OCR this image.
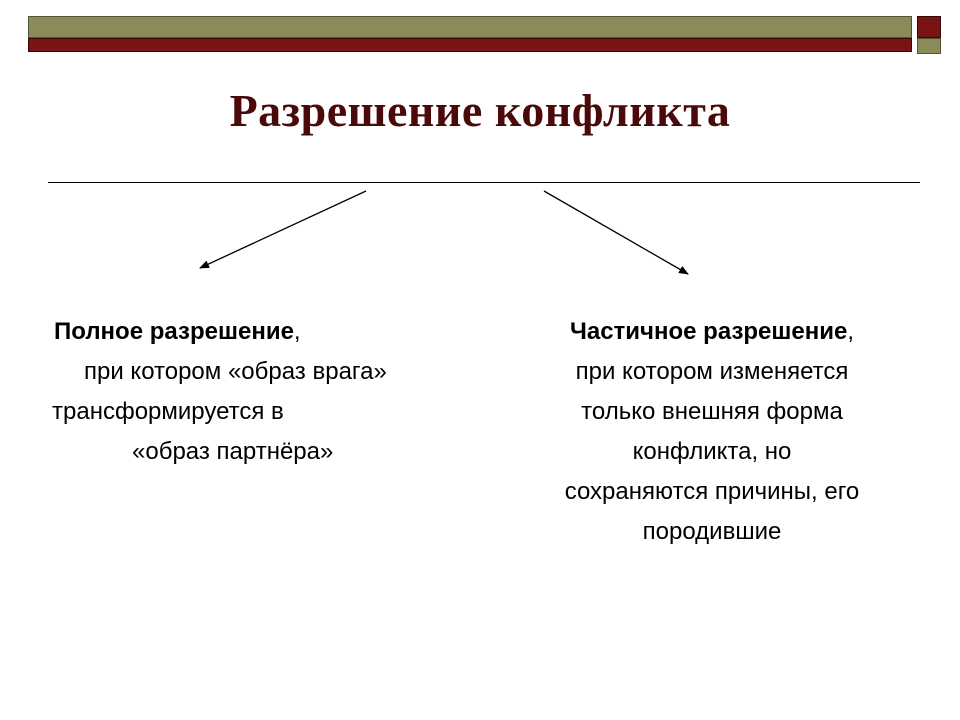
Разрешение конфликта
Полное разрешение,
при котором «образ врага»
трансформируется в
«образ партнёра»
Частичное разрешение,
при котором изменяется
только внешняя форма
конфликта, но
сохраняются причины, его
породившие
